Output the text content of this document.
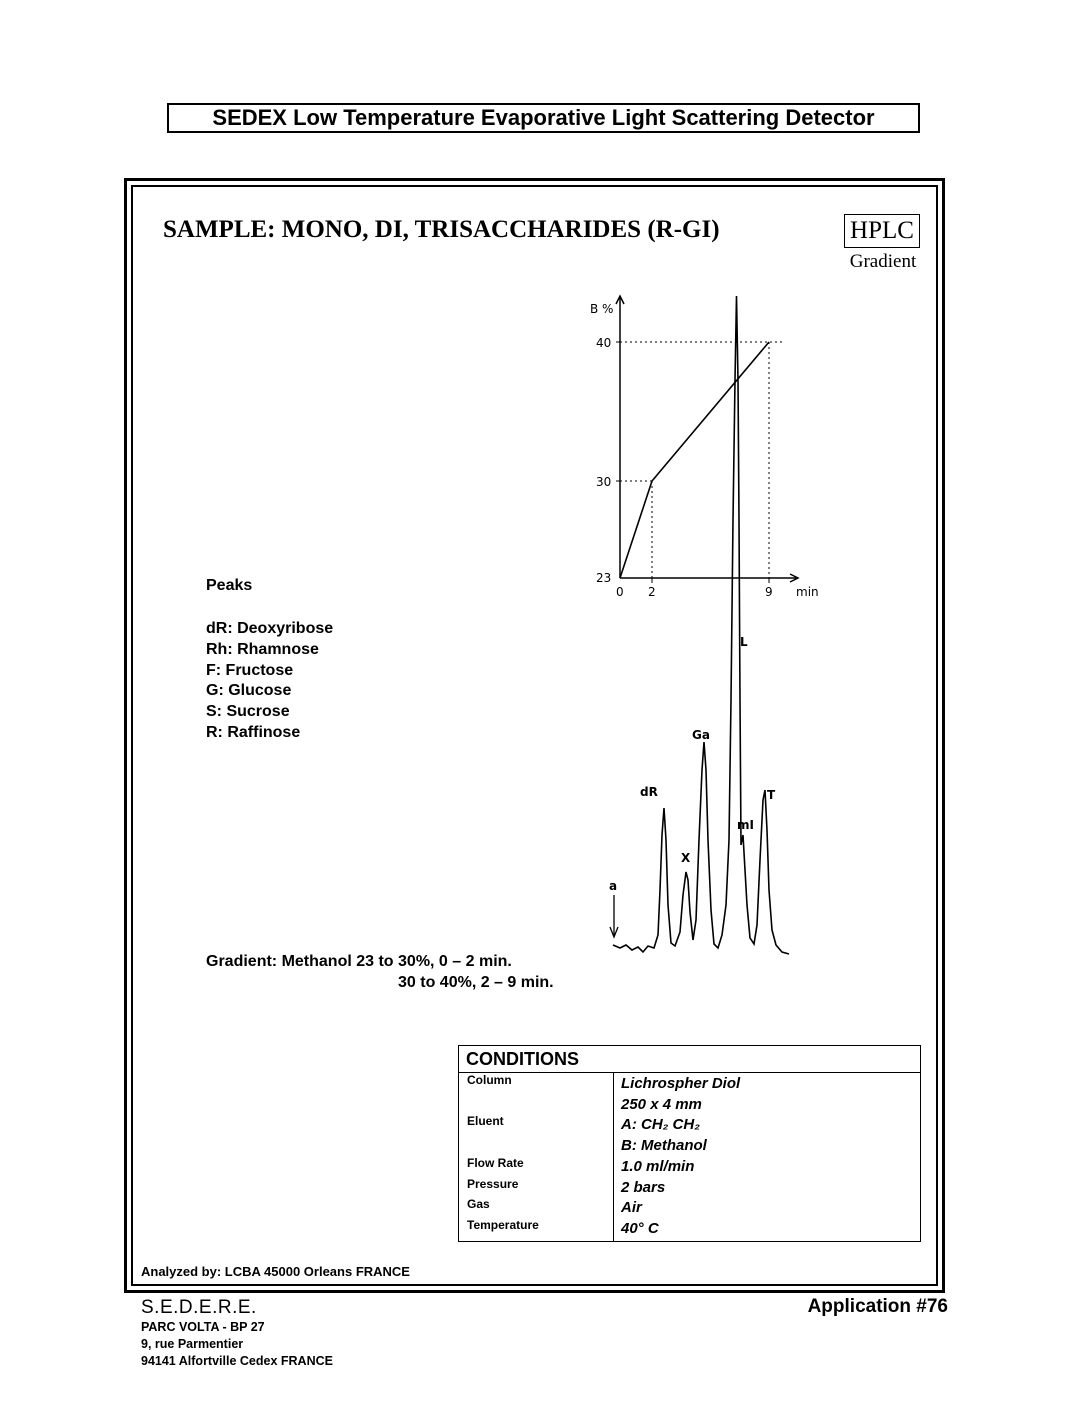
SEDEX Low Temperature Evaporative Light Scattering Detector
SAMPLE: MONO, DI, TRISACCHARIDES (R-GI)	HPLC
Gradient
Peaks
dR: Deoxyribose
Rh: Rhamnose
F: Fructose
G: Glucose
S: Sucrose
R: Raffinose
Gradient: Methanol 23 to 30%, 0 – 2 min.
30 to 40%, 2 – 9 min.
B %
40
30
23
0 2	9 min
a
dR
X
Ga
L
mI
T
CONDITIONS
Column	Lichrospher Diol
250 x 4 mm
Eluent	A: CH₂ CH₂
B: Methanol
Flow Rate	1.0 ml/min
Pressure	2 bars
Gas	Air
Temperature	40° C
Analyzed by: LCBA 45000 Orleans FRANCE
S.E.D.E.R.E.	Application #76
PARC VOLTA - BP 27
9, rue Parmentier
94141 Alfortville Cedex FRANCE
